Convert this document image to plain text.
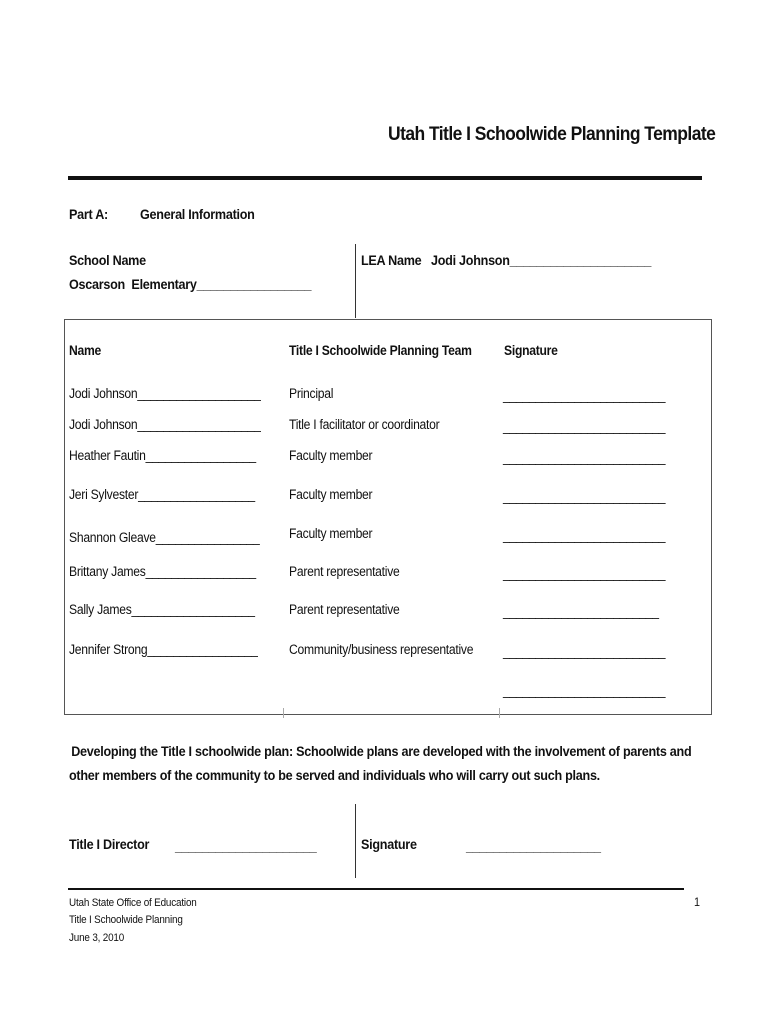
Utah Title I Schoolwide Planning Template
Part A: General Information
School Name
Oscarson  Elementary_________________
LEA Name Jodi Johnson_____________________
Name	Title I Schoolwide Planning Team Signature
Jodi Johnson___________________ Principal	_________________________
Jodi Johnson___________________ Title I facilitator or coordinator	_________________________
Heather Fautin_________________ Faculty member	_________________________
Jeri Sylvester__________________	Faculty member	_________________________
Shannon Gleave________________ Faculty member	_________________________
Brittany James_________________ Parent representative	_________________________
Sally James___________________	Parent representative	________________________
Jennifer Strong_________________ Community/business representative _________________________
_________________________
Developing the Title I schoolwide plan: Schoolwide plans are developed with the involvement of parents and
other members of the community to be served and individuals who will carry out such plans.
Title I Director _____________________	Signature	____________________
Utah State Office of Education
Title I Schoolwide Planning
June 3, 2010
1
